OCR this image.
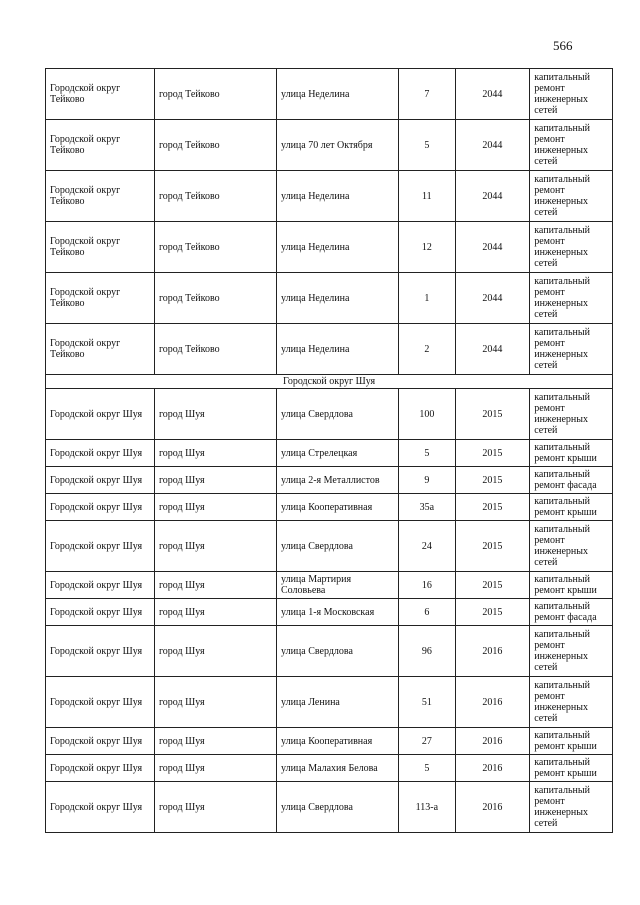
566
Городской округ Тейково	город Тейково	улица Неделина	7	2044	капитальный ремонт инженерных сетей
Городской округ Тейково	город Тейково	улица 70 лет Октября	5	2044	капитальный ремонт инженерных сетей
Городской округ Тейково	город Тейково	улица Неделина	11	2044	капитальный ремонт инженерных сетей
Городской округ Тейково	город Тейково	улица Неделина	12	2044	капитальный ремонт инженерных сетей
Городской округ Тейково	город Тейково	улица Неделина	1	2044	капитальный ремонт инженерных сетей
Городской округ Тейково	город Тейково	улица Неделина	2	2044	капитальный ремонт инженерных сетей
Городской округ Шуя					
Городской округ Шуя	город Шуя	улица Свердлова	100	2015	капитальный ремонт инженерных сетей
Городской округ Шуя	город Шуя	улица Стрелецкая	5	2015	капитальный ремонт крыши
Городской округ Шуя	город Шуя	улица 2-я Металлистов	9	2015	капитальный ремонт фасада
Городской округ Шуя	город Шуя	улица Кооперативная	35а	2015	капитальный ремонт крыши
Городской округ Шуя	город Шуя	улица Свердлова	24	2015	капитальный ремонт инженерных сетей
Городской округ Шуя	город Шуя	улица Мартирия Соловьева	16	2015	капитальный ремонт крыши
Городской округ Шуя	город Шуя	улица 1-я Московская	6	2015	капитальный ремонт фасада
Городской округ Шуя	город Шуя	улица Свердлова	96	2016	капитальный ремонт инженерных сетей
Городской округ Шуя	город Шуя	улица Ленина	51	2016	капитальный ремонт инженерных сетей
Городской округ Шуя	город Шуя	улица Кооперативная	27	2016	капитальный ремонт крыши
Городской округ Шуя	город Шуя	улица Малахия Белова	5	2016	капитальный ремонт крыши
Городской округ Шуя	город Шуя	улица Свердлова	113-а	2016	капитальный ремонт инженерных сетей
